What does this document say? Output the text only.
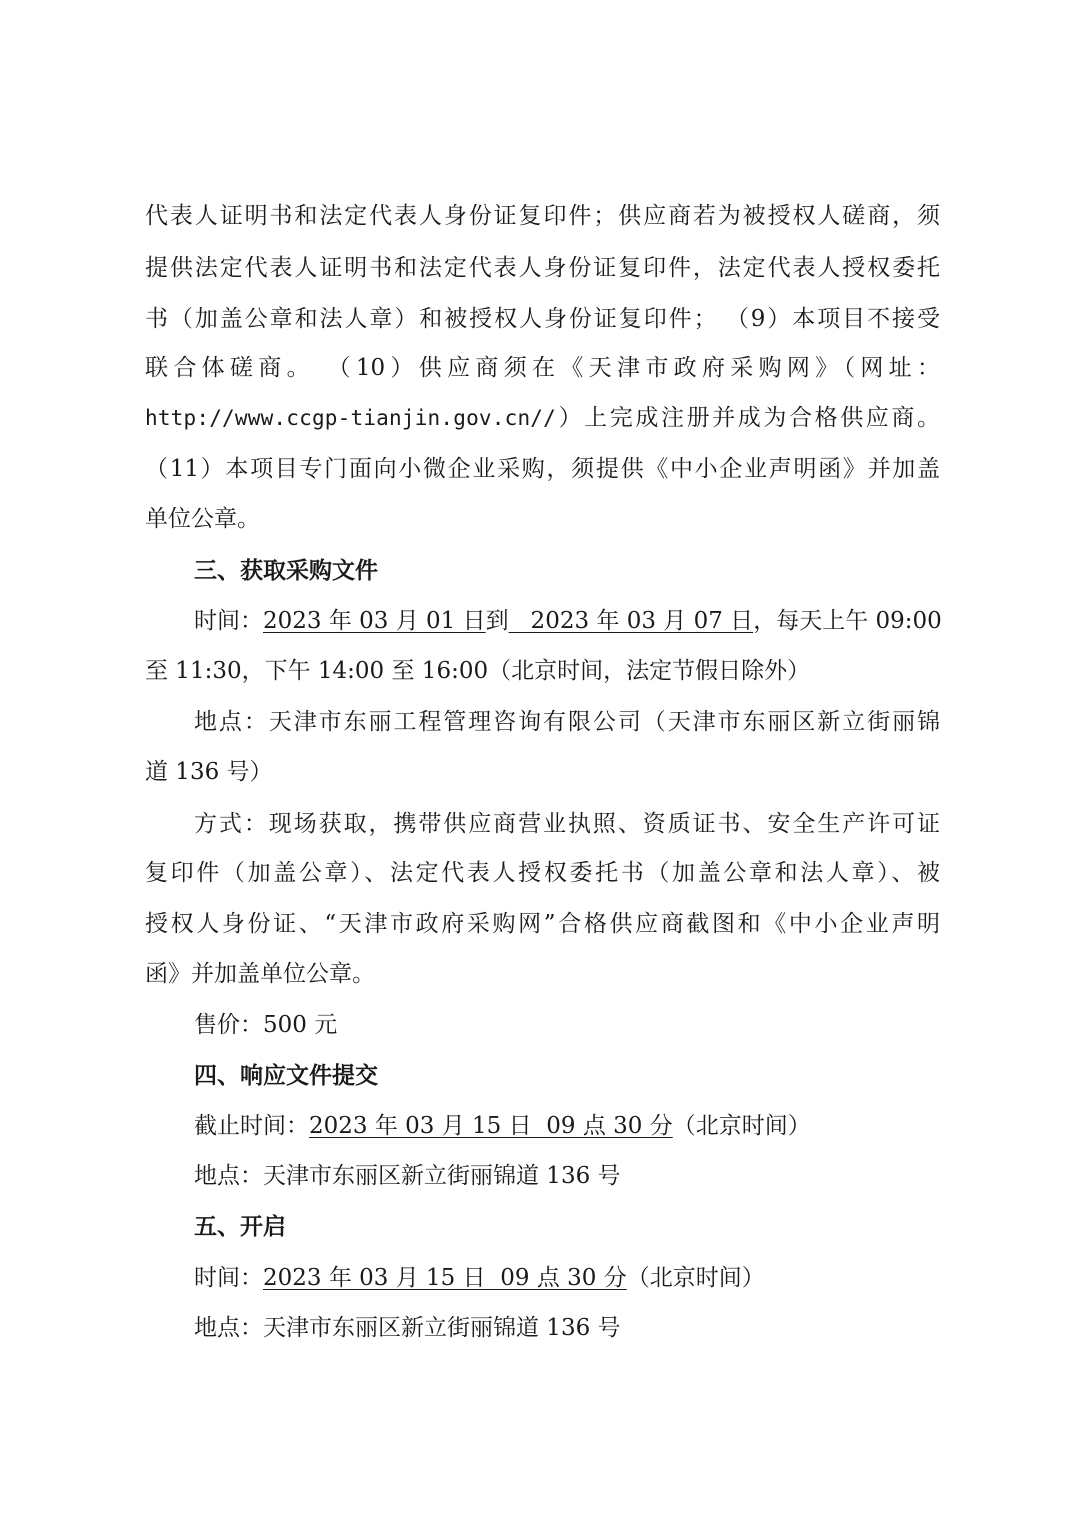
代表人证明书和法定代表人身份证复印件；供应商若为被授权人磋商，须
提供法定代表人证明书和法定代表人身份证复印件，法定代表人授权委托
书（加盖公章和法人章）和被授权人身份证复印件； （9）本项目不接受
联合体磋商。 （10）供应商须在《天津市政府采购网》（网址：
http://www.ccgp-tianjin.gov.cn//）上完成注册并成为合格供应商。
（11）本项目专门面向小微企业采购，须提供《中小企业声明函》并加盖
单位公章。
三、获取采购文件
时间：2023 年 03 月 01 日到   2023 年 03 月 07 日，每天上午 09:00
至 11:30，下午 14:00 至 16:00（北京时间，法定节假日除外）
地点：天津市东丽工程管理咨询有限公司（天津市东丽区新立街丽锦
道 136 号）
方式：现场获取，携带供应商营业执照、资质证书、安全生产许可证
复印件（加盖公章）、法定代表人授权委托书（加盖公章和法人章）、被
授权人身份证、“天津市政府采购网”合格供应商截图和《中小企业声明
函》并加盖单位公章。
售价：500 元
四、响应文件提交
截止时间：2023 年 03 月 15 日  09 点 30 分（北京时间）
地点：天津市东丽区新立街丽锦道 136 号
五、开启
时间：2023 年 03 月 15 日  09 点 30 分（北京时间）
地点：天津市东丽区新立街丽锦道 136 号
